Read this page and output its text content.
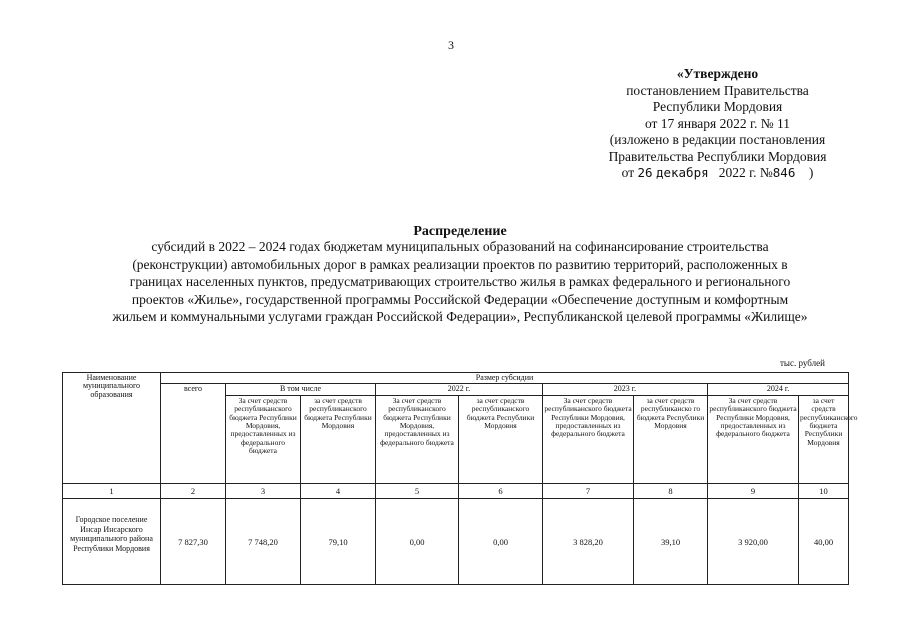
3
«Утверждено
постановлением Правительства
Республики Мордовия
от 17 января 2022 г. № 11
(изложено в редакции постановления
Правительства Республики Мордовия
от 26 декабря 2022 г. №846 )
Распределение
субсидий в 2022 – 2024 годах бюджетам муниципальных образований на софинансирование строительства
(реконструкции) автомобильных дорог в рамках реализации проектов по развитию территорий, расположенных в
границах населенных пунктов, предусматривающих строительство жилья в рамках федерального и регионального
проектов «Жилье», государственной программы Российской Федерации «Обеспечение доступным и комфортным
жильем и коммунальными услугами граждан Российской Федерации», Республиканской целевой программы «Жилище»
тыс. рублей
Наименование муниципального образования	Размер субсидии								
	всего	В том числе		2022 г.		2023 г.		2024 г.	
		За счет средств республиканского бюджета Республики Мордовия, предоставленных из федерального бюджета	за счет средств республиканского бюджета Республики Мордовия	За счет средств республиканского бюджета Республики Мордовия, предоставленных из федерального бюджета	за счет средств республиканского бюджета Республики Мордовия	За счет средств республиканского бюджета Республики Мордовия, предоставленных из федерального бюджета	за счет средств республиканско го бюджета Республики Мордовия	За счет средств республиканского бюджета Республики Мордовия, предоставленных из федерального бюджета	за счет средств республиканского бюджета Республики Мордовия
1	2	3	4	5	6	7	8	9	10
Городское поселение Инсар Инсарского муниципального района Республики Мордовия	7 827,30	7 748,20	79,10	0,00	0,00	3 828,20	39,10	3 920,00	40,00
